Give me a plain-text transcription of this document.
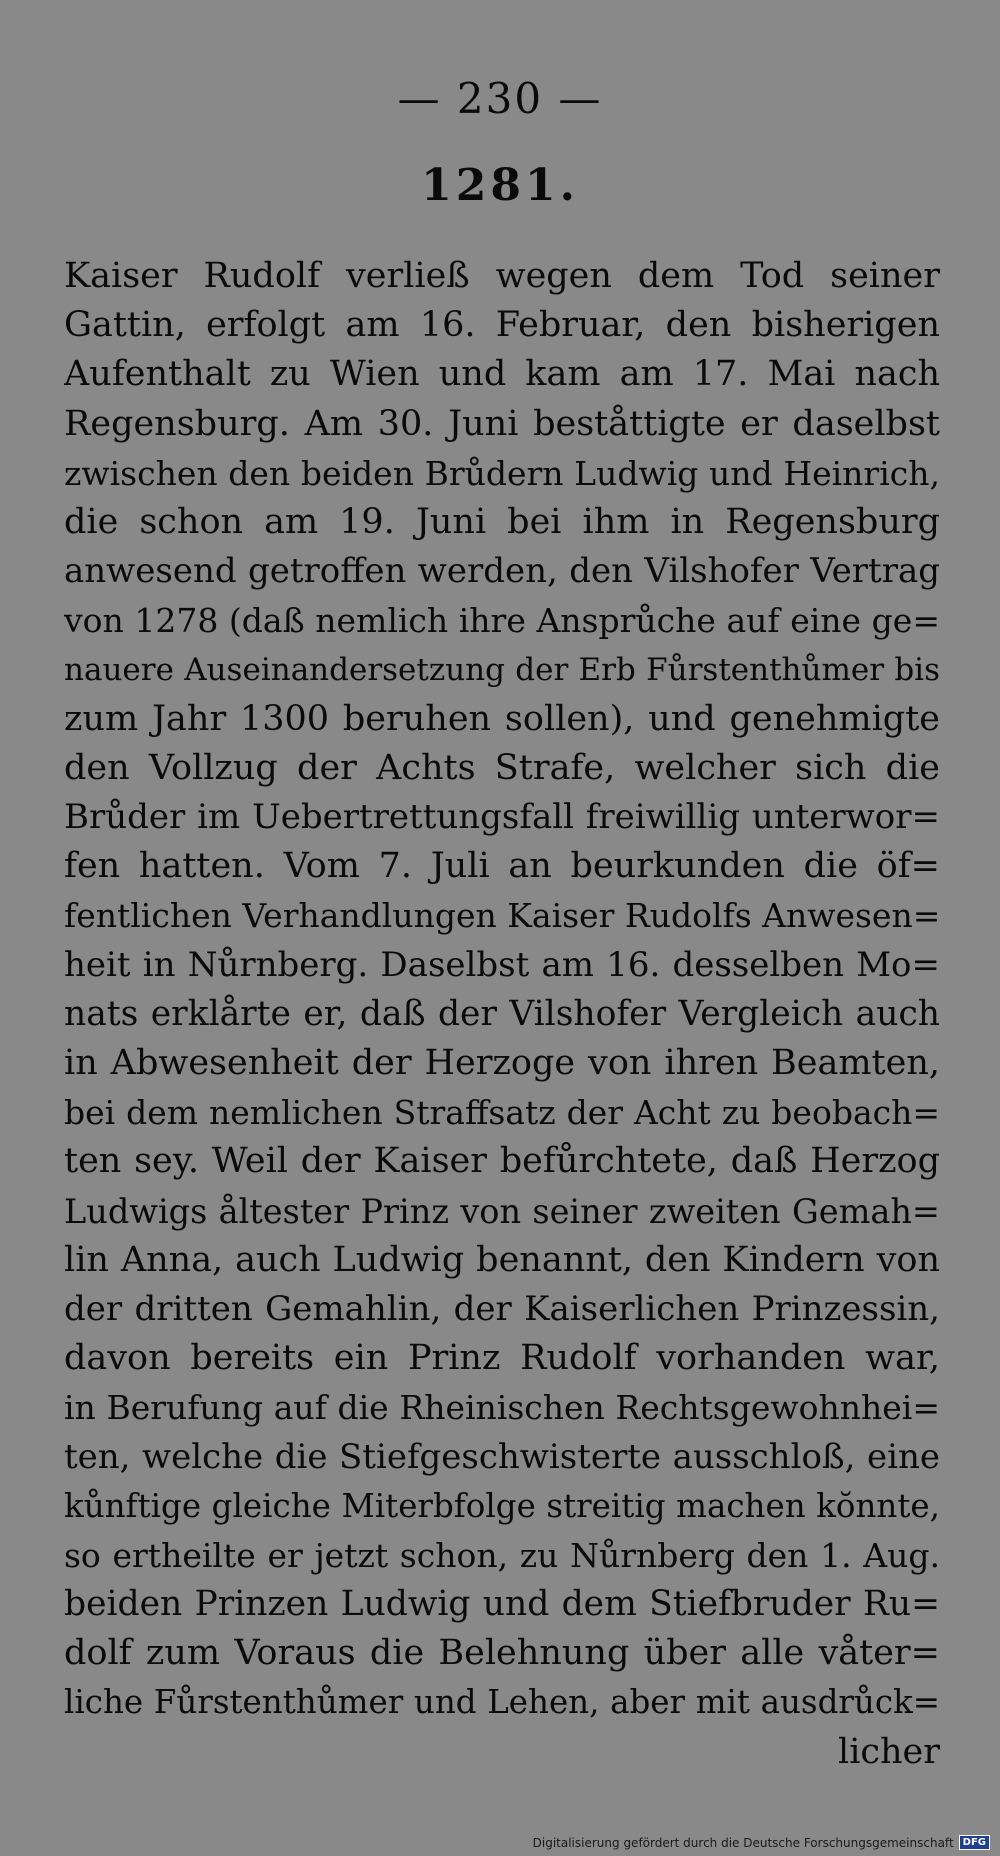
— 230 —
1281.
Kaiser Rudolf verließ wegen dem Tod seiner
Gattin, erfolgt am 16. Februar, den bisherigen
Aufenthalt zu Wien und kam am 17. Mai nach
Regensburg. Am 30. Juni beståttigte er daselbst
zwischen den beiden Brůdern Ludwig und Heinrich,
die schon am 19. Juni bei ihm in Regensburg
anwesend getroffen werden, den Vilshofer Vertrag
von 1278 (daß nemlich ihre Ansprůche auf eine ge=
nauere Auseinandersetzung der Erb Fůrstenthůmer bis
zum Jahr 1300 beruhen sollen), und genehmigte
den Vollzug der Achts Strafe, welcher sich die
Brůder im Uebertrettungsfall freiwillig unterwor=
fen hatten. Vom 7. Juli an beurkunden die öf=
fentlichen Verhandlungen Kaiser Rudolfs Anwesen=
heit in Nůrnberg. Daselbst am 16. desselben Mo=
nats erklårte er, daß der Vilshofer Vergleich auch
in Abwesenheit der Herzoge von ihren Beamten,
bei dem nemlichen Straffsatz der Acht zu beobach=
ten sey. Weil der Kaiser befůrchtete, daß Herzog
Ludwigs åltester Prinz von seiner zweiten Gemah=
lin Anna, auch Ludwig benannt, den Kindern von
der dritten Gemahlin, der Kaiserlichen Prinzessin,
davon bereits ein Prinz Rudolf vorhanden war,
in Berufung auf die Rheinischen Rechtsgewohnhei=
ten, welche die Stiefgeschwisterte ausschloß, eine
kůnftige gleiche Miterbfolge streitig machen kŏnnte,
so ertheilte er jetzt schon, zu Nůrnberg den 1. Aug.
beiden Prinzen Ludwig und dem Stiefbruder Ru=
dolf zum Voraus die Belehnung über alle våter=
liche Fůrstenthůmer und Lehen, aber mit ausdrůck=
licher
Digitalisierung gefördert durch die Deutsche Forschungsgemeinschaft DFG
